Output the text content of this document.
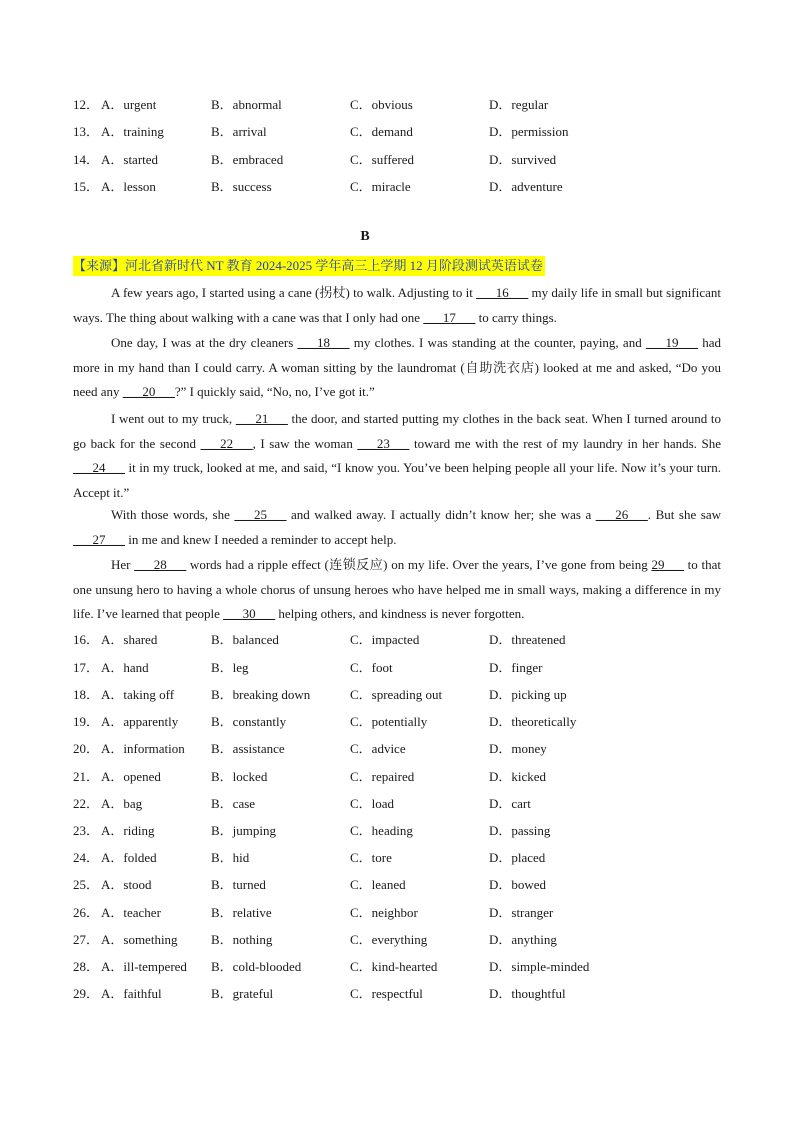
12． A．urgent	B．abnormal	C．obvious	D．regular
13． A．training	B．arrival	C．demand	D．permission
14． A．started	B．embraced	C．suffered	D．survived
15． A．lesson	B．success	C．miracle	D．adventure
B
【来源】河北省新时代 NT 教育 2024-2025 学年高三上学期 12 月阶段测试英语试卷

A few years ago, I started using a cane (拐杖) to walk. Adjusting to it ___16___ my daily life in small but significant ways. The thing about walking with a cane was that I only had one ___17___ to carry things.

One day, I was at the dry cleaners ___18___ my clothes. I was standing at the counter, paying, and ___19___ had more in my hand than I could carry. A woman sitting by the laundromat (自助洗衣店) looked at me and asked, “Do you need any ___20___?” I quickly said, “No, no, I’ve got it.”

I went out to my truck, ___21___ the door, and started putting my clothes in the back seat. When I turned around to go back for the second ___22___, I saw the woman ___23___ toward me with the rest of my laundry in her hands. She ___24___ it in my truck, looked at me, and said, “I know you. You’ve been helping people all your life. Now it’s your turn. Accept it.”

With those words, she ___25___ and walked away. I actually didn’t know her; she was a ___26___. But she saw ___27___ in me and knew I needed a reminder to accept help.

Her ___28___ words had a ripple effect (连锁反应) on my life. Over the years, I’ve gone from being 29___ to that one unsung hero to having a whole chorus of unsung heroes who have helped me in small ways, making a difference in my life. I’ve learned that people ___30___ helping others, and kindness is never forgotten.

16． A．shared	B．balanced	C．impacted	D．threatened
17． A．hand	B．leg	C．foot	D．finger
18． A．taking off	B．breaking down	C．spreading out	D．picking up
19． A．apparently	B．constantly	C．potentially	D．theoretically
20． A．information B．assistance	C．advice	D．money
21． A．opened	B．locked	C．repaired	D．kicked
22． A．bag	B．case	C．load	D．cart
23． A．riding	B．jumping	C．heading	D．passing
24． A．folded	B．hid	C．tore	D．placed
25． A．stood	B．turned	C．leaned	D．bowed
26． A．teacher	B．relative	C．neighbor	D．stranger
27． A．something	B．nothing	C．everything	D．anything
28． A．ill-tempered B．cold-blooded	C．kind-hearted	D．simple-minded
29． A．faithful	B．grateful	C．respectful	D．thoughtful
